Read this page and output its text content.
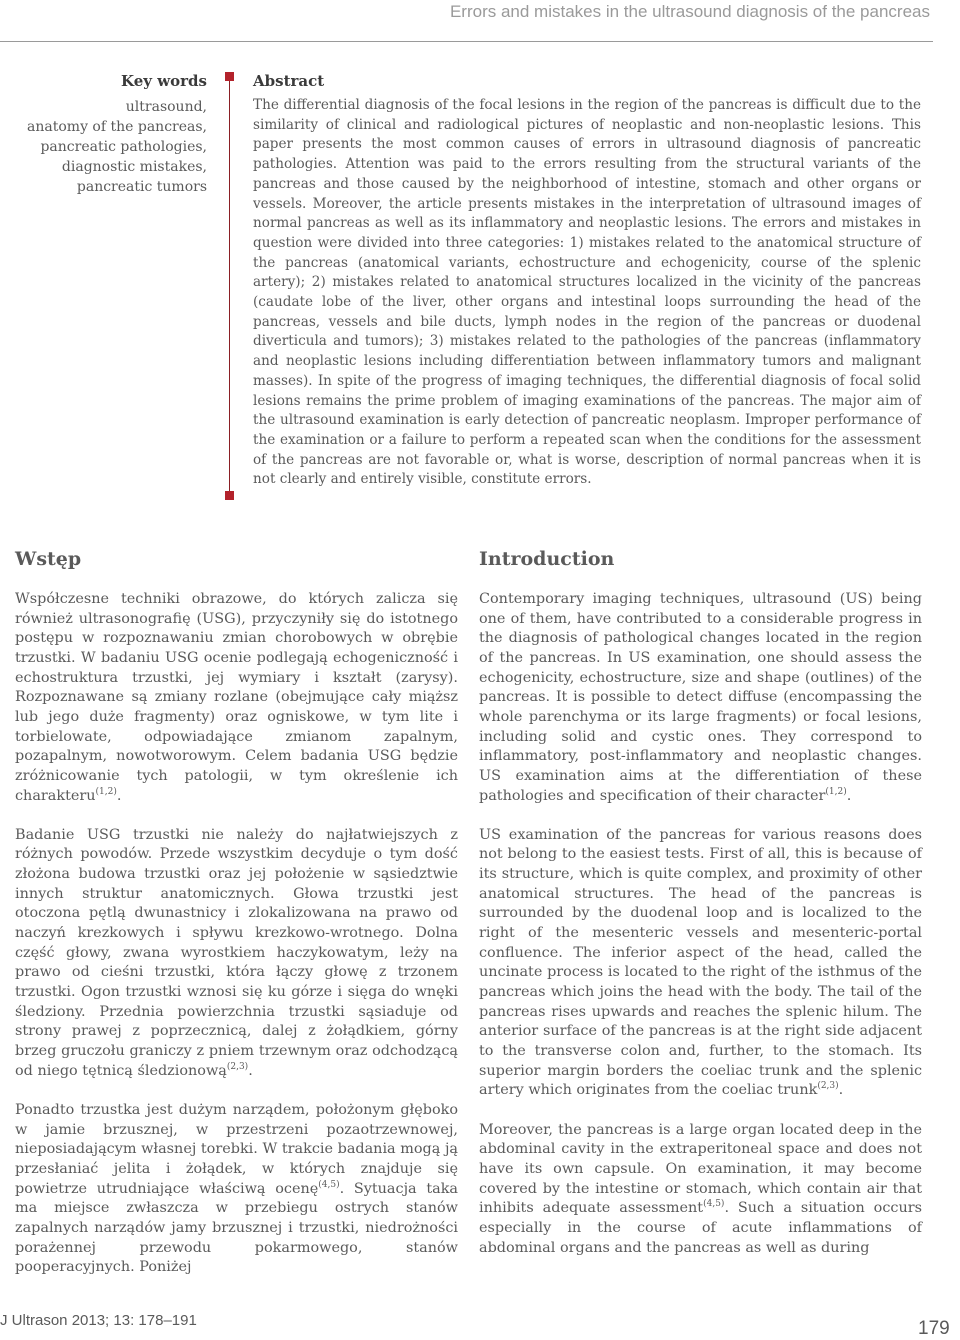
Errors and mistakes in the ultrasound diagnosis of the pancreas
Key words
ultrasound,
anatomy of the pancreas,
pancreatic pathologies,
diagnostic mistakes,
pancreatic tumors
Abstract
The differential diagnosis of the focal lesions in the region of the pancreas is difficult due to the similarity of clinical and radiological pictures of neoplastic and non-neoplastic lesions. This paper presents the most common causes of errors in ultrasound diagnosis of pancreatic pathologies. Attention was paid to the errors resulting from the structural variants of the pancreas and those caused by the neighborhood of intestine, stomach and other organs or vessels. Moreover, the article presents mistakes in the interpretation of ultrasound images of normal pancreas as well as its inflammatory and neoplastic lesions. The errors and mistakes in question were divided into three categories: 1) mistakes related to the anatomical structure of the pancreas (anatomical variants, echostructure and echogenicity, course of the splenic artery); 2) mistakes related to anatomical structures localized in the vicinity of the pancreas (caudate lobe of the liver, other organs and intestinal loops surrounding the head of the pancreas, vessels and bile ducts, lymph nodes in the region of the pancreas or duodenal diverticula and tumors); 3) mistakes related to the pathologies of the pancreas (inflammatory and neoplastic lesions including differentiation between inflammatory tumors and malignant masses). In spite of the progress of imaging techniques, the differential diagnosis of focal solid lesions remains the prime problem of imaging examinations of the pancreas. The major aim of the ultrasound examination is early detection of pancreatic neoplasm. Improper performance of the examination or a failure to perform a repeated scan when the conditions for the assessment of the pancreas are not favorable or, what is worse, description of normal pancreas when it is not clearly and entirely visible, constitute errors.
Wstęp	Introduction

Współczesne techniki obrazowe, do których zalicza się również ultrasonografię (USG), przyczyniły się do istotnego postępu w rozpoznawaniu zmian chorobowych w obrębie trzustki. W badaniu USG ocenie podlegają echogeniczność i echostruktura trzustki, jej wymiary i kształt (zarysy). Rozpoznawane są zmiany rozlane (obejmujące cały miąższ lub jego duże fragmenty) oraz ogniskowe, w tym lite i torbielowate, odpowiadające zmianom zapalnym, pozapalnym, nowotworowym. Celem badania USG będzie zróżnicowanie tych patologii, w tym określenie ich charakteru$^{(1,2)}$.

Badanie USG trzustki nie należy do najłatwiejszych z różnych powodów. Przede wszystkim decyduje o tym dość złożona budowa trzustki oraz jej położenie w sąsiedztwie innych struktur anatomicznych. Głowa trzustki jest otoczona pętlą dwunastnicy i zlokalizowana na prawo od naczyń krezkowych i spływu krezkowo-wrotnego. Dolna część głowy, zwana wyrostkiem haczykowatym, leży na prawo od cieśni trzustki, która łączy głowę z trzonem trzustki. Ogon trzustki wznosi się ku górze i sięga do wnęki śledziony. Przednia powierzchnia trzustki sąsiaduje od strony prawej z poprzecznicą, dalej z żołądkiem, górny brzeg gruczołu graniczy z pniem trzewnym oraz odchodzącą od niego tętnicą śledzionową$^{(2,3)}$.

Ponadto trzustka jest dużym narządem, położonym głęboko w jamie brzusznej, w przestrzeni pozaotrzewnowej, nieposiadającym własnej torebki. W trakcie badania mogą ją przesłaniać jelita i żołądek, w których znajduje się powietrze utrudniające właściwą ocenę$^{(4,5)}$. Sytuacja taka ma miejsce zwłaszcza w przebiegu ostrych stanów zapalnych narządów jamy brzusznej i trzustki, niedrożności porażennej przewodu pokarmowego, stanów pooperacyjnych. Poniżej

Contemporary imaging techniques, ultrasound (US) being one of them, have contributed to a considerable progress in the diagnosis of pathological changes located in the region of the pancreas. In US examination, one should assess the echogenicity, echostructure, size and shape (outlines) of the pancreas. It is possible to detect diffuse (encompassing the whole parenchyma or its large fragments) or focal lesions, including solid and cystic ones. They correspond to inflammatory, post-inflammatory and neoplastic changes. US examination aims at the differentiation of these pathologies and specification of their character$^{(1,2)}$.

US examination of the pancreas for various reasons does not belong to the easiest tests. First of all, this is because of its structure, which is quite complex, and proximity of other anatomical structures. The head of the pancreas is surrounded by the duodenal loop and is localized to the right of the mesenteric vessels and mesenteric-portal confluence. The inferior aspect of the head, called the uncinate process is located to the right of the isthmus of the pancreas which joins the head with the body. The tail of the pancreas rises upwards and reaches the splenic hilum. The anterior surface of the pancreas is at the right side adjacent to the transverse colon and, further, to the stomach. Its superior margin borders the coeliac trunk and the splenic artery which originates from the coeliac trunk$^{(2,3)}$.

Moreover, the pancreas is a large organ located deep in the abdominal cavity in the extraperitoneal space and does not have its own capsule. On examination, it may become covered by the intestine or stomach, which contain air that inhibits adequate assessment$^{(4,5)}$. Such a situation occurs especially in the course of acute inflammations of abdominal organs and the pancreas as well as during

J Ultrason 2013; 13: 178–191	179
